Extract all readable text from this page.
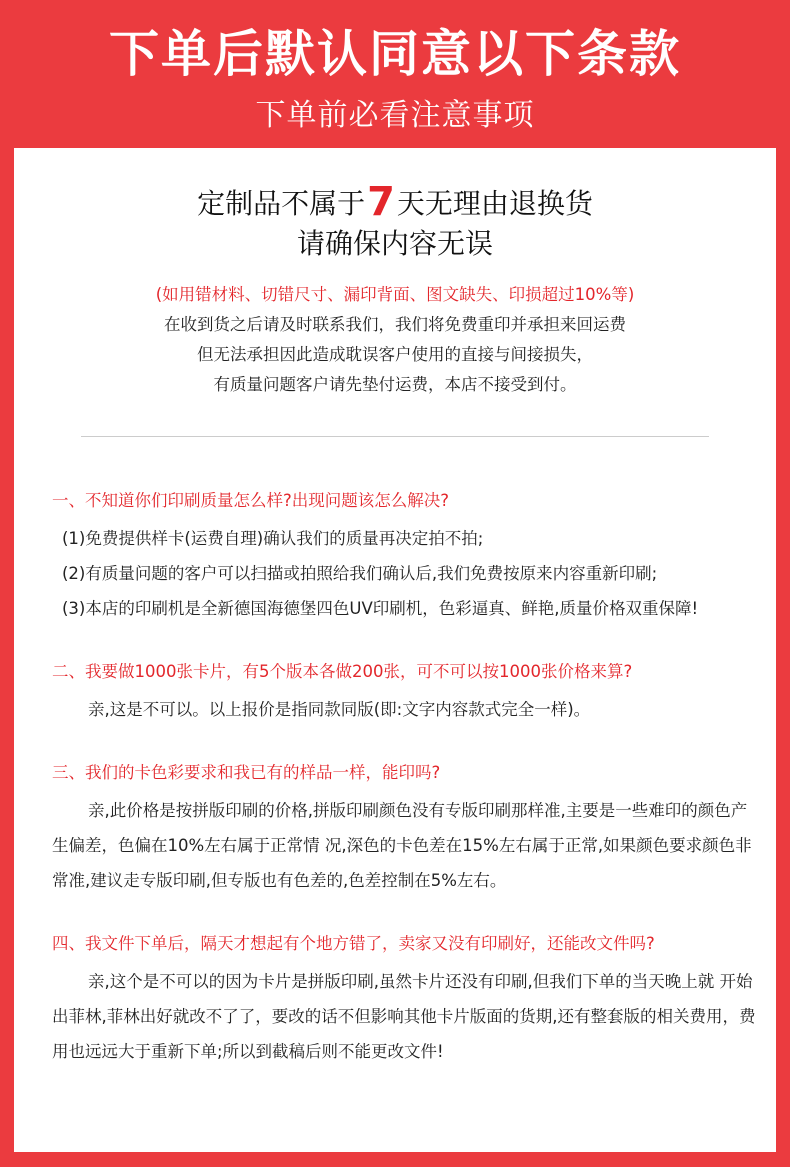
下单后默认同意以下条款
下单前必看注意事项
定制品不属于7天无理由退换货
请确保内容无误
(如用错材料、切错尺寸、漏印背面、图文缺失、印损超过10%等)
在收到货之后请及时联系我们，我们将免费重印并承担来回运费
但无法承担因此造成耽误客户使用的直接与间接损失，
有质量问题客户请先垫付运费，本店不接受到付。
一、不知道你们印刷质量怎么样?出现问题该怎么解决?
(1)免费提供样卡(运费自理)确认我们的质量再决定拍不拍;
(2)有质量问题的客户可以扫描或拍照给我们确认后,我们免费按原来内容重新印刷;
(3)本店的印刷机是全新德国海德堡四色UV印刷机，色彩逼真、鲜艳,质量价格双重保障!
二、我要做1000张卡片，有5个版本各做200张，可不可以按1000张价格来算?
亲,这是不可以。以上报价是指同款同版(即:文字内容款式完全一样)。
三、我们的卡色彩要求和我已有的样品一样，能印吗?
亲,此价格是按拼版印刷的价格,拼版印刷颜色没有专版印刷那样准,主要是一些难印的颜色产生偏差，色偏在10%左右属于正常情 况,深色的卡色差在15%左右属于正常,如果颜色要求颜色非常准,建议走专版印刷,但专版也有色差的,色差控制在5%左右。
四、我文件下单后，隔天才想起有个地方错了，卖家又没有印刷好，还能改文件吗?
亲,这个是不可以的因为卡片是拼版印刷,虽然卡片还没有印刷,但我们下单的当天晚上就 开始出菲林,菲林出好就改不了了，要改的话不但影响其他卡片版面的货期,还有整套版的相关费用，费用也远远大于重新下单;所以到截稿后则不能更改文件!
